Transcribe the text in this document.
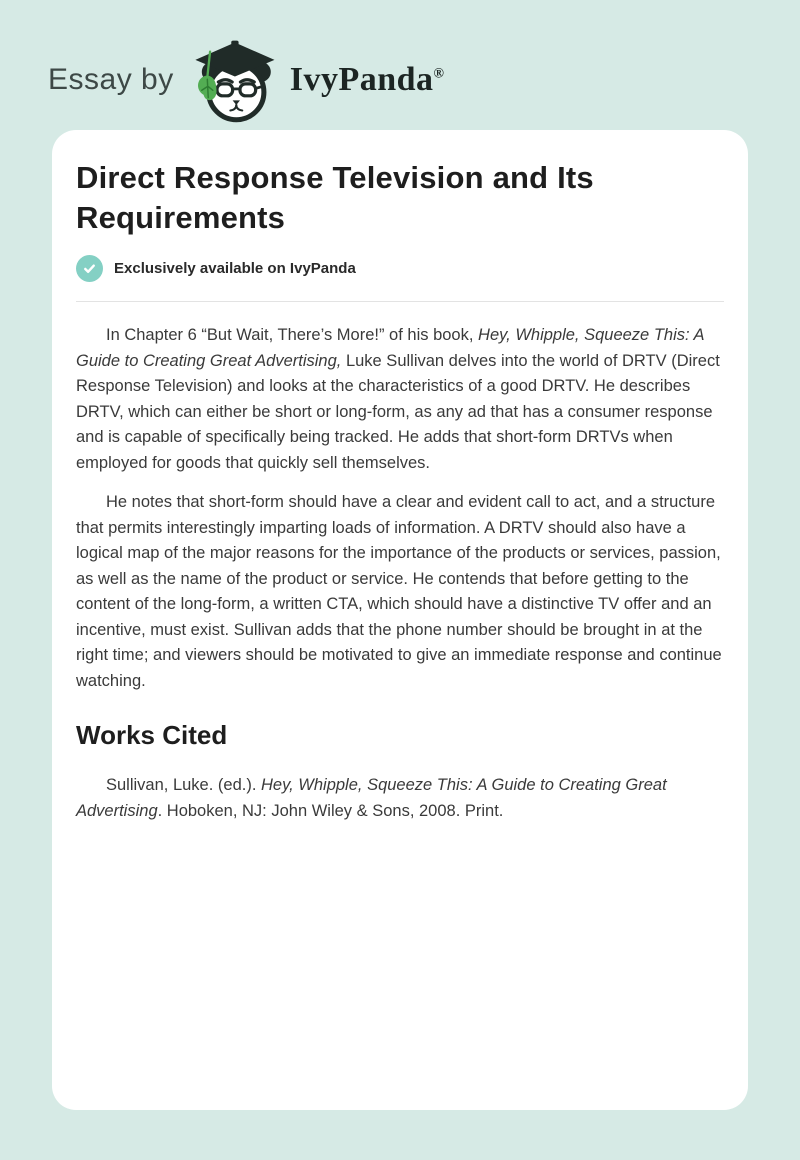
Essay by	IvyPanda®
Direct Response Television and Its Requirements
Exclusively available on IvyPanda

In Chapter 6 “But Wait, There’s More!” of his book, Hey, Whipple, Squeeze This: A Guide to Creating Great Advertising, Luke Sullivan delves into the world of DRTV (Direct Response Television) and looks at the characteristics of a good DRTV. He describes DRTV, which can either be short or long-form, as any ad that has a consumer response and is capable of specifically being tracked. He adds that short-form DRTVs when employed for goods that quickly sell themselves.

He notes that short-form should have a clear and evident call to act, and a structure that permits interestingly imparting loads of information. A DRTV should also have a logical map of the major reasons for the importance of the products or services, passion, as well as the name of the product or service. He contends that before getting to the content of the long-form, a written CTA, which should have a distinctive TV offer and an incentive, must exist. Sullivan adds that the phone number should be brought in at the right time; and viewers should be motivated to give an immediate response and continue watching.

Works Cited

Sullivan, Luke. (ed.). Hey, Whipple, Squeeze This: A Guide to Creating Great Advertising. Hoboken, NJ: John Wiley & Sons, 2008. Print.
